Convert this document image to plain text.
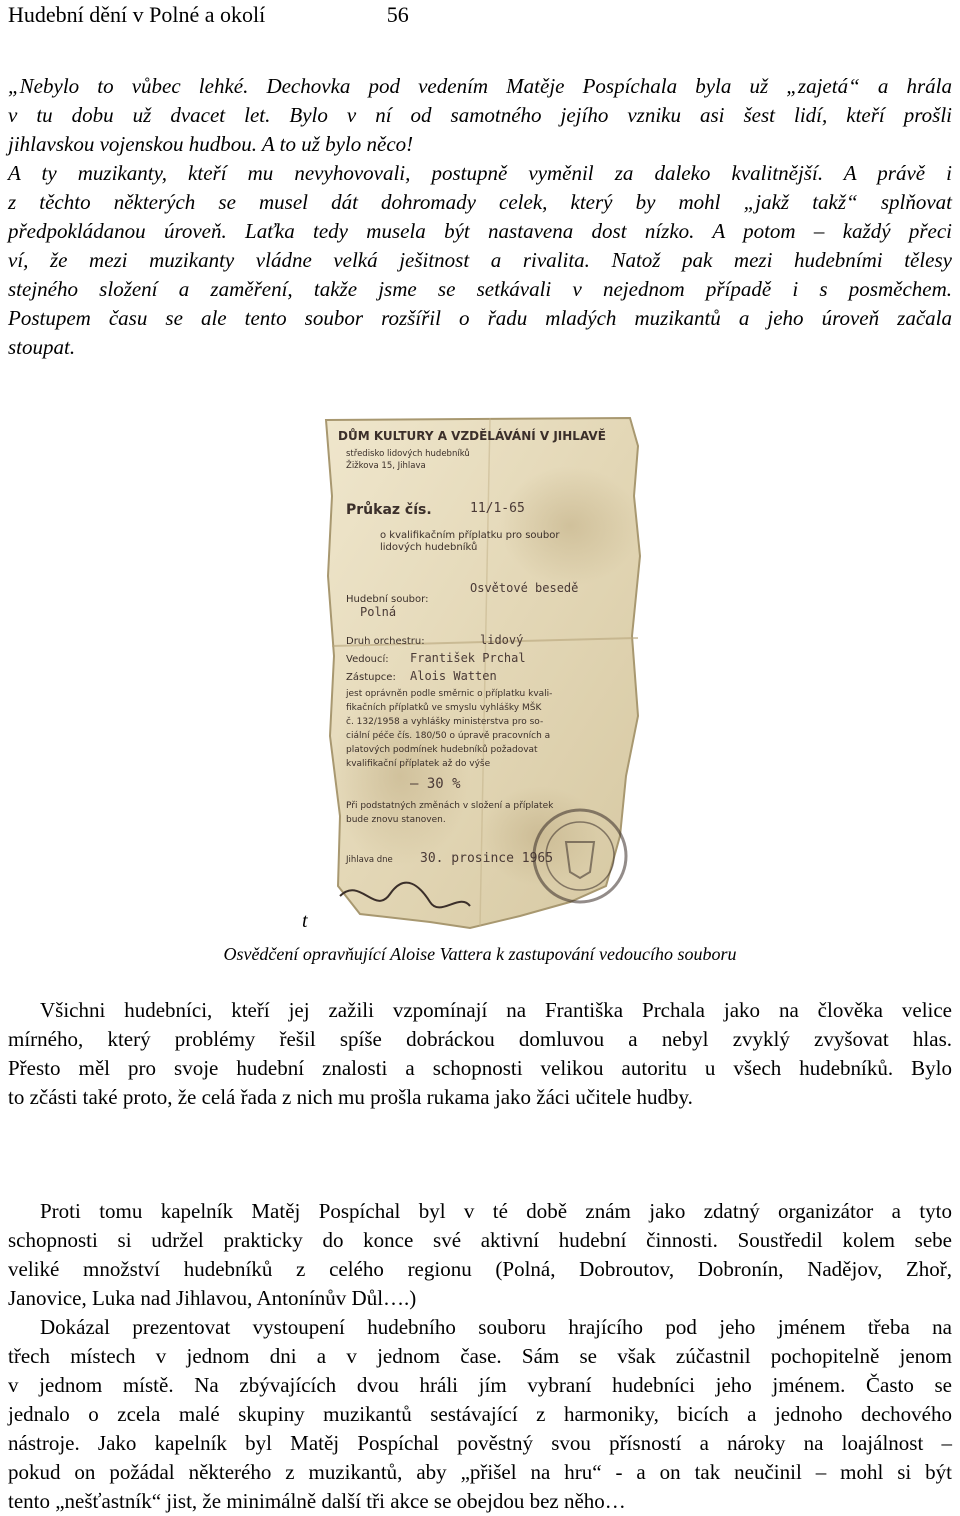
Hudební dění v Polné a okolí	56
„Nebylo to vůbec lehké. Dechovka pod vedením Matěje Pospíchala byla už „zajetá“ a hrála
v tu dobu už dvacet let. Bylo v ní od samotného jejího vzniku asi šest lidí, kteří prošli
jihlavskou vojenskou hudbou. A to už bylo něco!
A ty muzikanty, kteří mu nevyhovovali, postupně vyměnil za daleko kvalitnější. A právě i
z těchto některých se musel dát dohromady celek, který by mohl „jakž takž“ splňovat
předpokládanou úroveň. Laťka tedy musela být nastavena dost nízko. A potom – každý přeci
ví, že mezi muzikanty vládne velká ješitnost a rivalita. Natož pak mezi hudebními tělesy
stejného složení a zaměření, takže jsme se setkávali v nejednom případě i s posměchem.
Postupem času se ale tento soubor rozšířil o řadu mladých muzikantů a jeho úroveň začala
stoupat.
DŮM KULTURY A VZDĚLÁVÁNÍ V JIHLAVĚ
středisko lidových hudebníků
Žižkova 15, Jihlava
Průkaz čís.
o kvalifikačním příplatku pro soubor
lidových hudebníků
Hudební soubor:
Druh orchestru:
Vedoucí:
Zástupce:
jest oprávněn podle směrnic o příplatku kvali-
fikačních příplatků ve smyslu vyhlášky MŠK
č. 132/1958 a vyhlášky ministerstva pro so-
ciální péče čís. 180/50 o úpravě pracovních a
platových podmínek hudebníků požadovat
kvalifikační příplatek až do výše
Při podstatných změnách v složení a příplatek
bude znovu stanoven.
Jihlava dne
11/1-65
Osvětové besedě
Polná
lidový
František Prchal
Alois Watten
– 30 %
30. prosince 1965
t
Osvědčení opravňující Aloise Vattera k zastupování vedoucího souboru
Všichni hudebníci, kteří jej zažili vzpomínají na Františka Prchala jako na člověka velice
mírného, který problémy řešil spíše dobráckou domluvou a nebyl zvyklý zvyšovat hlas.
Přesto měl pro svoje hudební znalosti a schopnosti velikou autoritu u všech hudebníků. Bylo
to zčásti také proto, že celá řada z nich mu prošla rukama jako žáci učitele hudby.
Proti tomu kapelník Matěj Pospíchal byl v té době znám jako zdatný organizátor a tyto
schopnosti si udržel prakticky do konce své aktivní hudební činnosti. Soustředil kolem sebe
veliké množství hudebníků z celého regionu (Polná, Dobroutov, Dobronín, Nadějov, Zhoř,
Janovice, Luka nad Jihlavou, Antonínův Důl….)
Dokázal prezentovat vystoupení hudebního souboru hrajícího pod jeho jménem třeba na
třech místech v jednom dni a v jednom čase. Sám se však zúčastnil pochopitelně jenom
v jednom místě. Na zbývajících dvou hráli jím vybraní hudebníci jeho jménem. Často se
jednalo o zcela malé skupiny muzikantů sestávající z harmoniky, bicích a jednoho dechového
nástroje. Jako kapelník byl Matěj Pospíchal pověstný svou přísností a nároky na loajálnost –
pokud on požádal některého z muzikantů, aby „přišel na hru“ - a on tak neučinil – mohl si být
tento „nešťastník“ jist, že minimálně další tři akce se obejdou bez něho…
